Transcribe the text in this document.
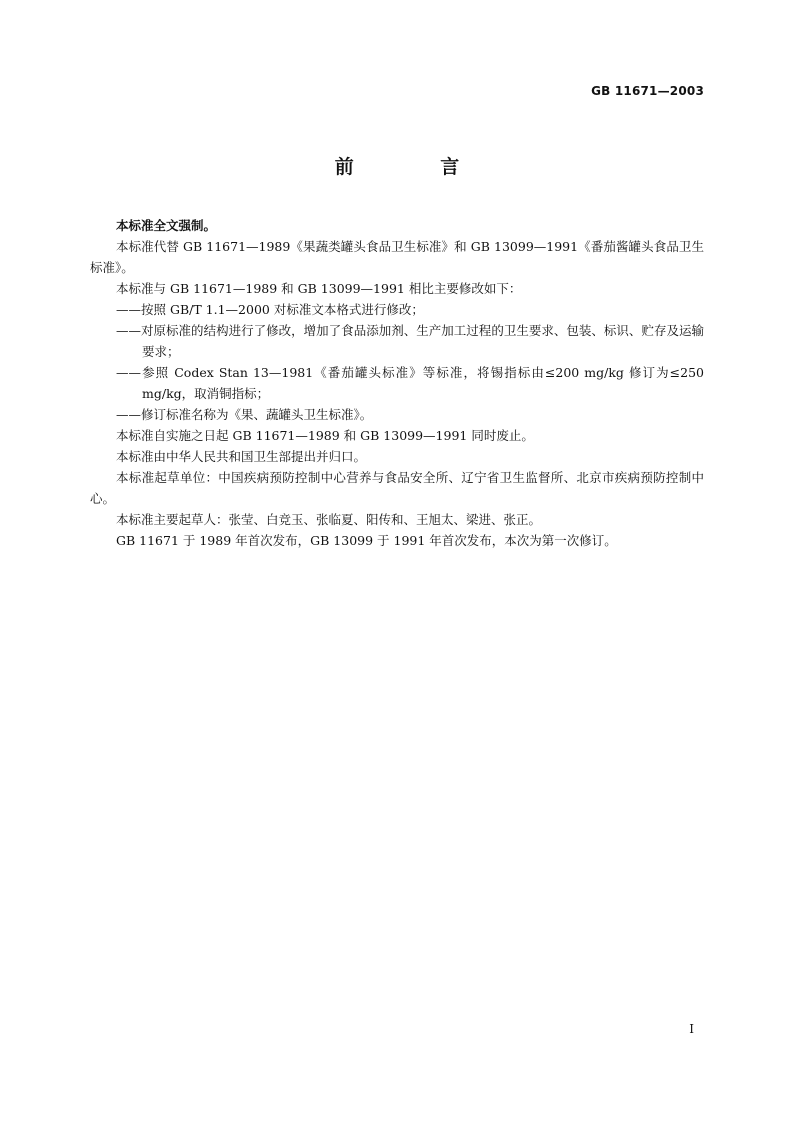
GB 11671—2003
前 言

本标准全文强制。

本标准代替 GB 11671—1989《果蔬类罐头食品卫生标准》和 GB 13099—1991《番茄酱罐头食品卫生标准》。

本标准与 GB 11671—1989 和 GB 13099—1991 相比主要修改如下：

——按照 GB/T 1.1—2000 对标准文本格式进行修改；

——对原标准的结构进行了修改，增加了食品添加剂、生产加工过程的卫生要求、包装、标识、贮存及运输要求；

——参照 Codex Stan 13—1981《番茄罐头标准》等标准，将锡指标由≤200 mg/kg 修订为≤250 mg/kg，取消铜指标；

——修订标准名称为《果、蔬罐头卫生标准》。

本标准自实施之日起 GB 11671—1989 和 GB 13099—1991 同时废止。

本标准由中华人民共和国卫生部提出并归口。

本标准起草单位：中国疾病预防控制中心营养与食品安全所、辽宁省卫生监督所、北京市疾病预防控制中心。

本标准主要起草人：张莹、白竞玉、张临夏、阳传和、王旭太、梁进、张正。

GB 11671 于 1989 年首次发布，GB 13099 于 1991 年首次发布，本次为第一次修订。

I
